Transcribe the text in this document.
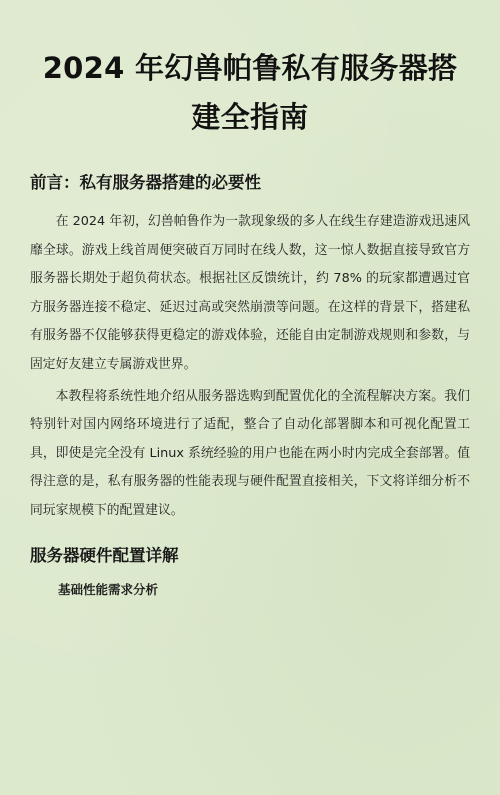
2024 年幻兽帕鲁私有服务器搭建全指南
前言：私有服务器搭建的必要性

在 2024 年初，幻兽帕鲁作为一款现象级的多人在线生存建造游戏迅速风靡全球。游戏上线首周便突破百万同时在线人数，这一惊人数据直接导致官方服务器长期处于超负荷状态。根据社区反馈统计，约 78% 的玩家都遭遇过官方服务器连接不稳定、延迟过高或突然崩溃等问题。在这样的背景下，搭建私有服务器不仅能够获得更稳定的游戏体验，还能自由定制游戏规则和参数，与固定好友建立专属游戏世界。

本教程将系统性地介绍从服务器选购到配置优化的全流程解决方案。我们特别针对国内网络环境进行了适配，整合了自动化部署脚本和可视化配置工具，即使是完全没有 Linux 系统经验的用户也能在两小时内完成全套部署。值得注意的是，私有服务器的性能表现与硬件配置直接相关，下文将详细分析不同玩家规模下的配置建议。

服务器硬件配置详解
基础性能需求分析
